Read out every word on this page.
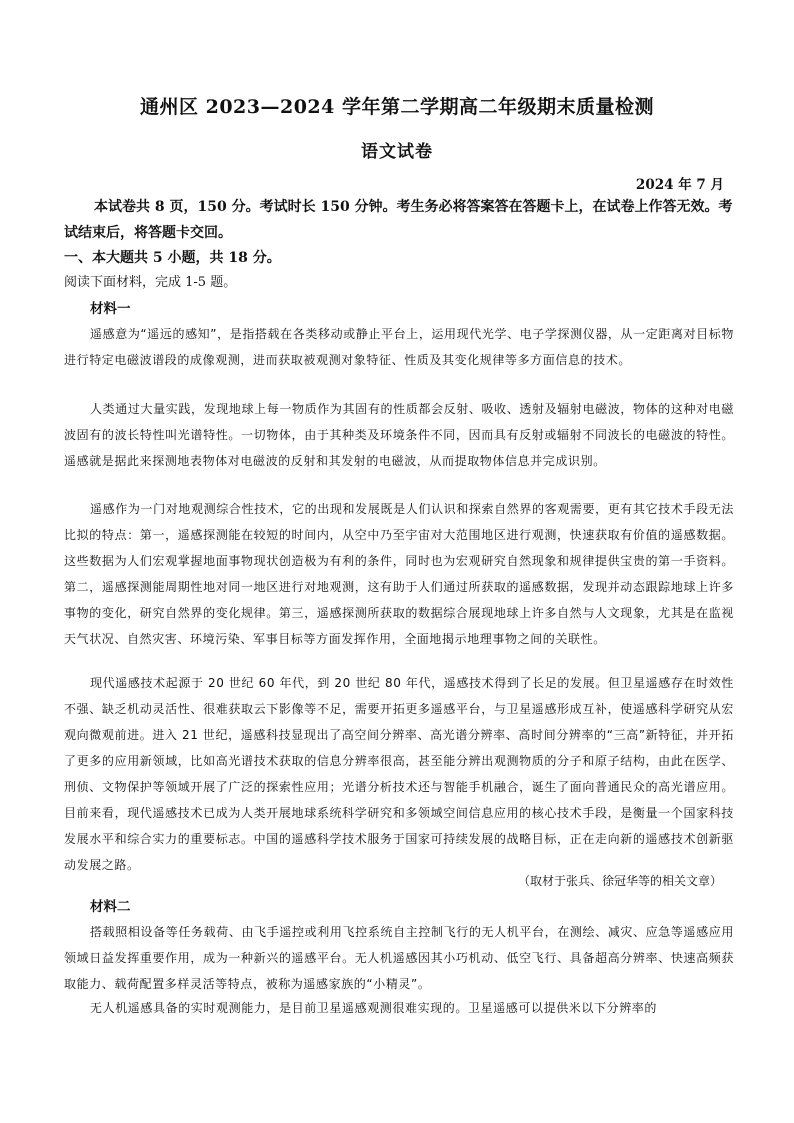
通州区 2023—2024 学年第二学期高二年级期末质量检测
语文试卷
2024 年 7 月
本试卷共 8 页，150 分。考试时长 150 分钟。考生务必将答案答在答题卡上，在试卷上作答无效。考试结束后，将答题卡交回。
一、本大题共 5 小题，共 18 分。
阅读下面材料，完成 1-5 题。
材料一
遥感意为“遥远的感知”，是指搭载在各类移动或静止平台上，运用现代光学、电子学探测仪器，从一定距离对目标物进行特定电磁波谱段的成像观测，进而获取被观测对象特征、性质及其变化规律等多方面信息的技术。
人类通过大量实践，发现地球上每一物质作为其固有的性质都会反射、吸收、透射及辐射电磁波，物体的这种对电磁波固有的波长特性叫光谱特性。一切物体，由于其种类及环境条件不同，因而具有反射或辐射不同波长的电磁波的特性。遥感就是据此来探测地表物体对电磁波的反射和其发射的电磁波，从而提取物体信息并完成识别。
遥感作为一门对地观测综合性技术，它的出现和发展既是人们认识和探索自然界的客观需要，更有其它技术手段无法比拟的特点：第一，遥感探测能在较短的时间内，从空中乃至宇宙对大范围地区进行观测，快速获取有价值的遥感数据。这些数据为人们宏观掌握地面事物现状创造极为有利的条件，同时也为宏观研究自然现象和规律提供宝贵的第一手资料。第二，遥感探测能周期性地对同一地区进行对地观测，这有助于人们通过所获取的遥感数据，发现并动态跟踪地球上许多事物的变化，研究自然界的变化规律。第三，遥感探测所获取的数据综合展现地球上许多自然与人文现象，尤其是在监视天气状况、自然灾害、环境污染、军事目标等方面发挥作用，全面地揭示地理事物之间的关联性。
现代遥感技术起源于 20 世纪 60 年代，到 20 世纪 80 年代，遥感技术得到了长足的发展。但卫星遥感存在时效性不强、缺乏机动灵活性、很难获取云下影像等不足，需要开拓更多遥感平台，与卫星遥感形成互补，使遥感科学研究从宏观向微观前进。进入 21 世纪，遥感科技显现出了高空间分辨率、高光谱分辨率、高时间分辨率的“三高”新特征，并开拓了更多的应用新领域，比如高光谱技术获取的信息分辨率很高，甚至能分辨出观测物质的分子和原子结构，由此在医学、刑侦、文物保护等领域开展了广泛的探索性应用；光谱分析技术还与智能手机融合，诞生了面向普通民众的高光谱应用。目前来看，现代遥感技术已成为人类开展地球系统科学研究和多领域空间信息应用的核心技术手段，是衡量一个国家科技发展水平和综合实力的重要标志。中国的遥感科学技术服务于国家可持续发展的战略目标，正在走向新的遥感技术创新驱动发展之路。
（取材于张兵、徐冠华等的相关文章）
材料二
搭载照相设备等任务载荷、由飞手遥控或利用飞控系统自主控制飞行的无人机平台，在测绘、减灾、应急等遥感应用领域日益发挥重要作用，成为一种新兴的遥感平台。无人机遥感因其小巧机动、低空飞行、具备超高分辨率、快速高频获取能力、载荷配置多样灵活等特点，被称为遥感家族的“小精灵”。
无人机遥感具备的实时观测能力，是目前卫星遥感观测很难实现的。卫星遥感可以提供米以下分辨率的
